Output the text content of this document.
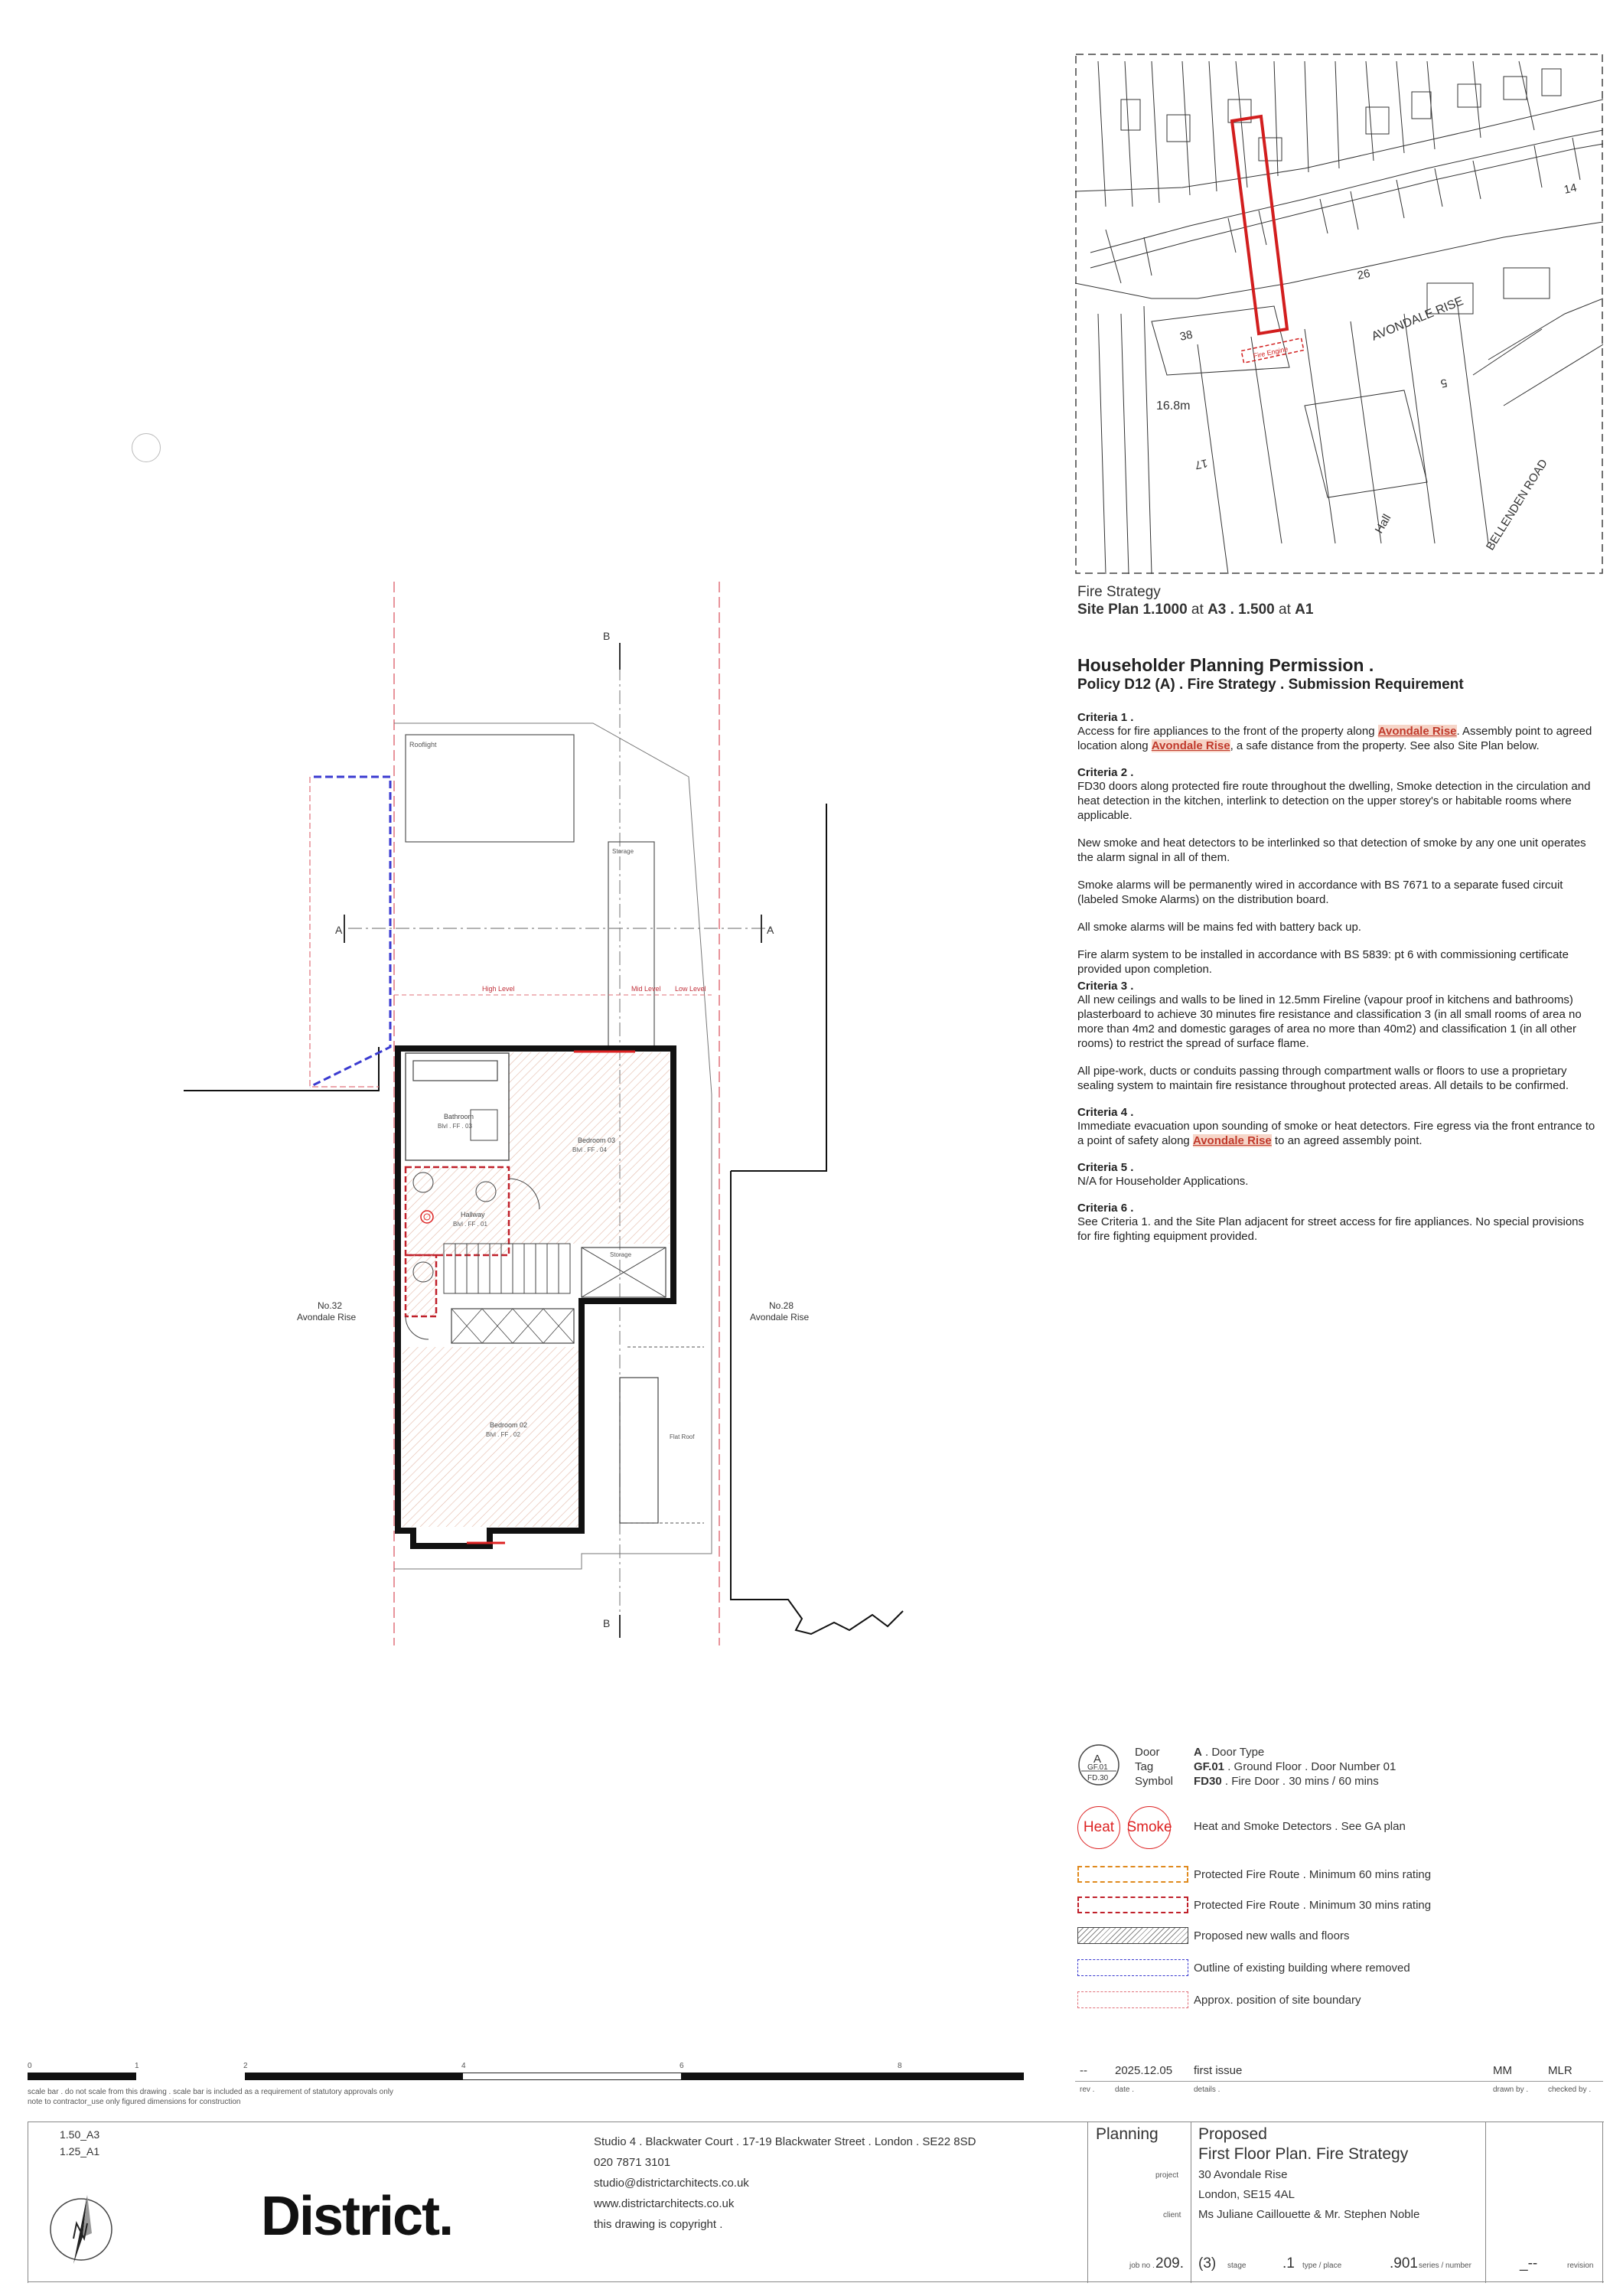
Fire Engine
AVONDALE RISE
BELLENDEN ROAD
16.8m
38
26
14
5
17
Hall
Fire Strategy
Site Plan 1.1000 at A3 . 1.500 at A1
Householder Planning Permission .
Policy D12 (A) . Fire Strategy . Submission Requirement
Criteria 1 .

Access for fire appliances to the front of the property along Avondale Rise. Assembly point to agreed location along Avondale Rise, a safe distance from the property. See also Site Plan below.

Criteria 2 .

FD30 doors along protected fire route throughout the dwelling, Smoke detection in the circulation and heat detection in the kitchen, interlink to detection on the upper storey's or habitable rooms where applicable.

New smoke and heat detectors to be interlinked so that detection of smoke by any one unit operates the alarm signal in all of them.

Smoke alarms will be permanently wired in accordance with BS 7671 to a separate fused circuit (labeled Smoke Alarms) on the distribution board.

All smoke alarms will be mains fed with battery back up.

Fire alarm system to be installed in accordance with BS 5839: pt 6 with commissioning certificate provided upon completion.

Criteria 3 .

All new ceilings and walls to be lined in 12.5mm Fireline (vapour proof in kitchens and bathrooms) plasterboard to achieve 30 minutes fire resistance and classification 3 (in all small rooms of area no more than 4m2 and domestic garages of area no more than 40m2) and classification 1 (in all other rooms) to restrict the spread of surface flame.

All pipe-work, ducts or conduits passing through compartment walls or floors to use a proprietary sealing system to maintain fire resistance throughout protected areas. All details to be confirmed.

Criteria 4 .

Immediate evacuation upon sounding of smoke or heat detectors. Fire egress via the front entrance to a point of safety along Avondale Rise to an agreed assembly point.

Criteria 5 .

N/A for Householder Applications.

Criteria 6 .

See Criteria 1. and the Site Plan adjacent for street access for fire appliances. No special provisions for fire fighting equipment provided.

B
B
A	A
Rooflight
Storage
High Level	Mid Level Low Level
Bathroom
Blvl . FF . 03
Bedroom 03
Blvl . FF . 04
Hallway
Blvl . FF . 01
Storage
Bedroom 02
Blvl . FF . 02	Flat Roof
No.32
Avondale Rise
No.28
Avondale Rise
A
GF.01
FD.30
Door
Tag
Symbol
A . Door Type
GF.01 . Ground Floor . Door Number 01
FD30 . Fire Door . 30 mins / 60 mins
Heat Smoke Heat and Smoke Detectors . See GA plan
Protected Fire Route . Minimum 60 mins rating
Protected Fire Route . Minimum 30 mins rating
Proposed new walls and floors
Outline of existing building where removed
Approx. position of site boundary
0	1	2	4	6	8
scale bar . do not scale from this drawing . scale bar is included as a requirement of statutory approvals only
note to contractor_use only figured dimensions for construction
-- 2025.12.05 first issue	MM	MLR
rev .	date .	details .	drawn by .	checked by .
1.50_A3
1.25_A1
District.
Studio 4 . Blackwater Court . 17-19 Blackwater Street . London . SE22 8SD
020 7871 3101
studio@districtarchitects.co.uk
www.districtarchitects.co.uk
this drawing is copyright .
Planning Proposed
First Floor Plan. Fire Strategy
project 30 Avondale Rise
London, SE15 4AL
client Ms Juliane Caillouette & Mr. Stephen Noble
job no . 209. (3) stage	.1 type / place	.901 series / number	_--	revision
